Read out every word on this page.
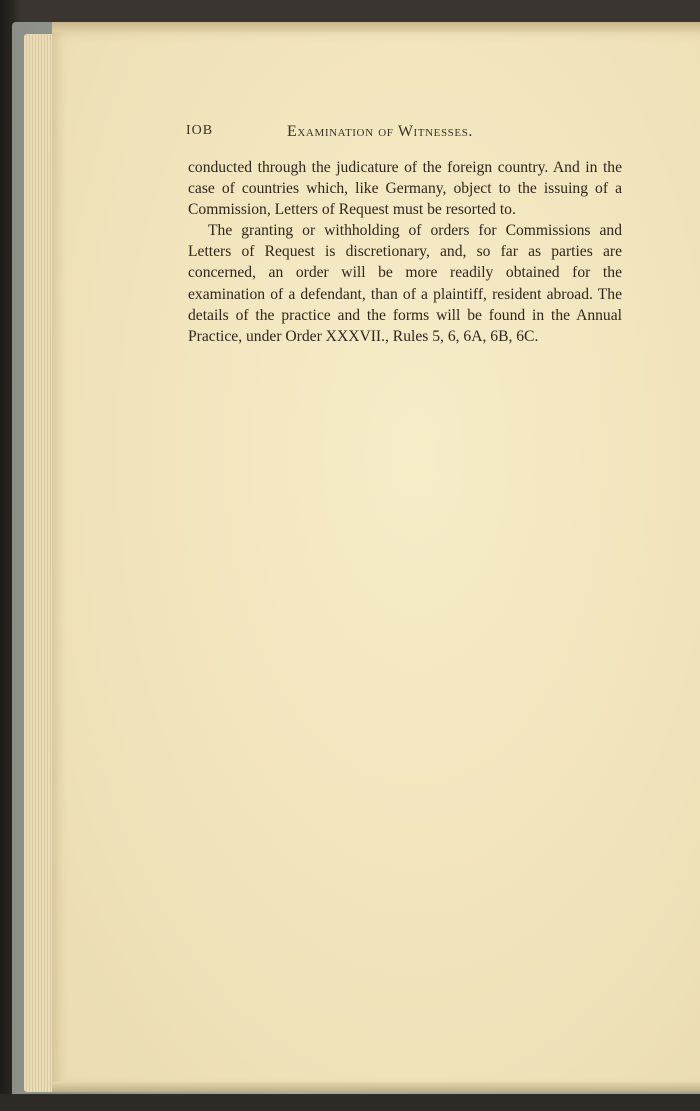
IOB	Examination of Witnesses.

conducted through the judicature of the foreign country. And in the case of countries which, like Germany, object to the issuing of a Commission, Letters of Request must be resorted to.

The granting or withholding of orders for Commissions and Letters of Request is discretionary, and, so far as parties are concerned, an order will be more readily obtained for the examination of a defendant, than of a plaintiff, resident abroad. The details of the practice and the forms will be found in the Annual Practice, under Order XXXVII., Rules 5, 6, 6A, 6B, 6C.
